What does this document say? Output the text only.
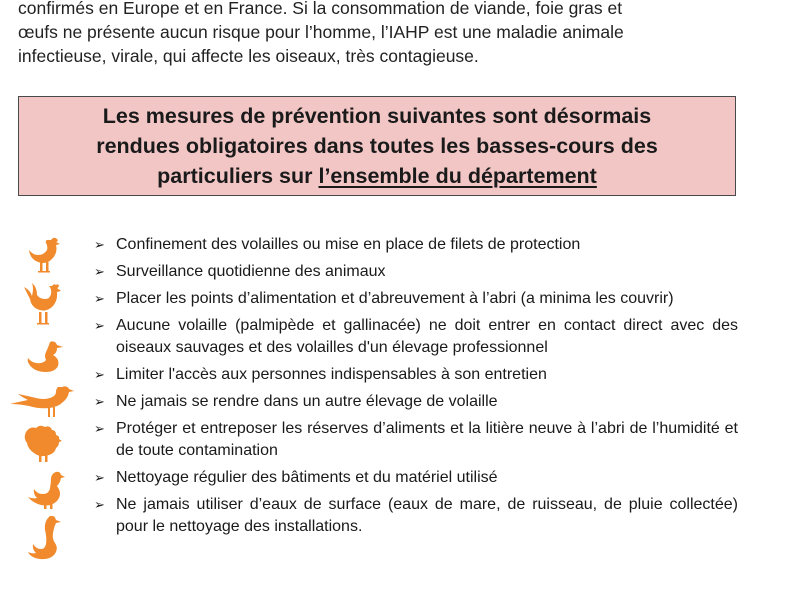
confirmés en Europe et en France. Si la consommation de viande, foie gras et

œufs ne présente aucun risque pour l’homme, l’IAHP est une maladie animale

infectieuse, virale, qui affecte les oiseaux, très contagieuse.

Les mesures de prévention suivantes sont désormais
rendues obligatoires dans toutes les basses-cours des
particuliers sur l’ensemble du département
➢ Confinement des volailles ou mise en place de filets de protection
➢ Surveillance quotidienne des animaux
➢ Placer les points d’alimentation et d’abreuvement à l’abri (a minima les couvrir)
➢ Aucune volaille (palmipède et gallinacée) ne doit entrer en contact direct avec des oiseaux sauvages et des volailles d'un élevage professionnel
➢ Limiter l'accès aux personnes indispensables à son entretien
➢ Ne jamais se rendre dans un autre élevage de volaille
➢ Protéger et entreposer les réserves d’aliments et la litière neuve à l’abri de l’humidité et de toute contamination
➢ Nettoyage régulier des bâtiments et du matériel utilisé
➢ Ne jamais utiliser d’eaux de surface (eaux de mare, de ruisseau, de pluie collectée) pour le nettoyage des installations.
